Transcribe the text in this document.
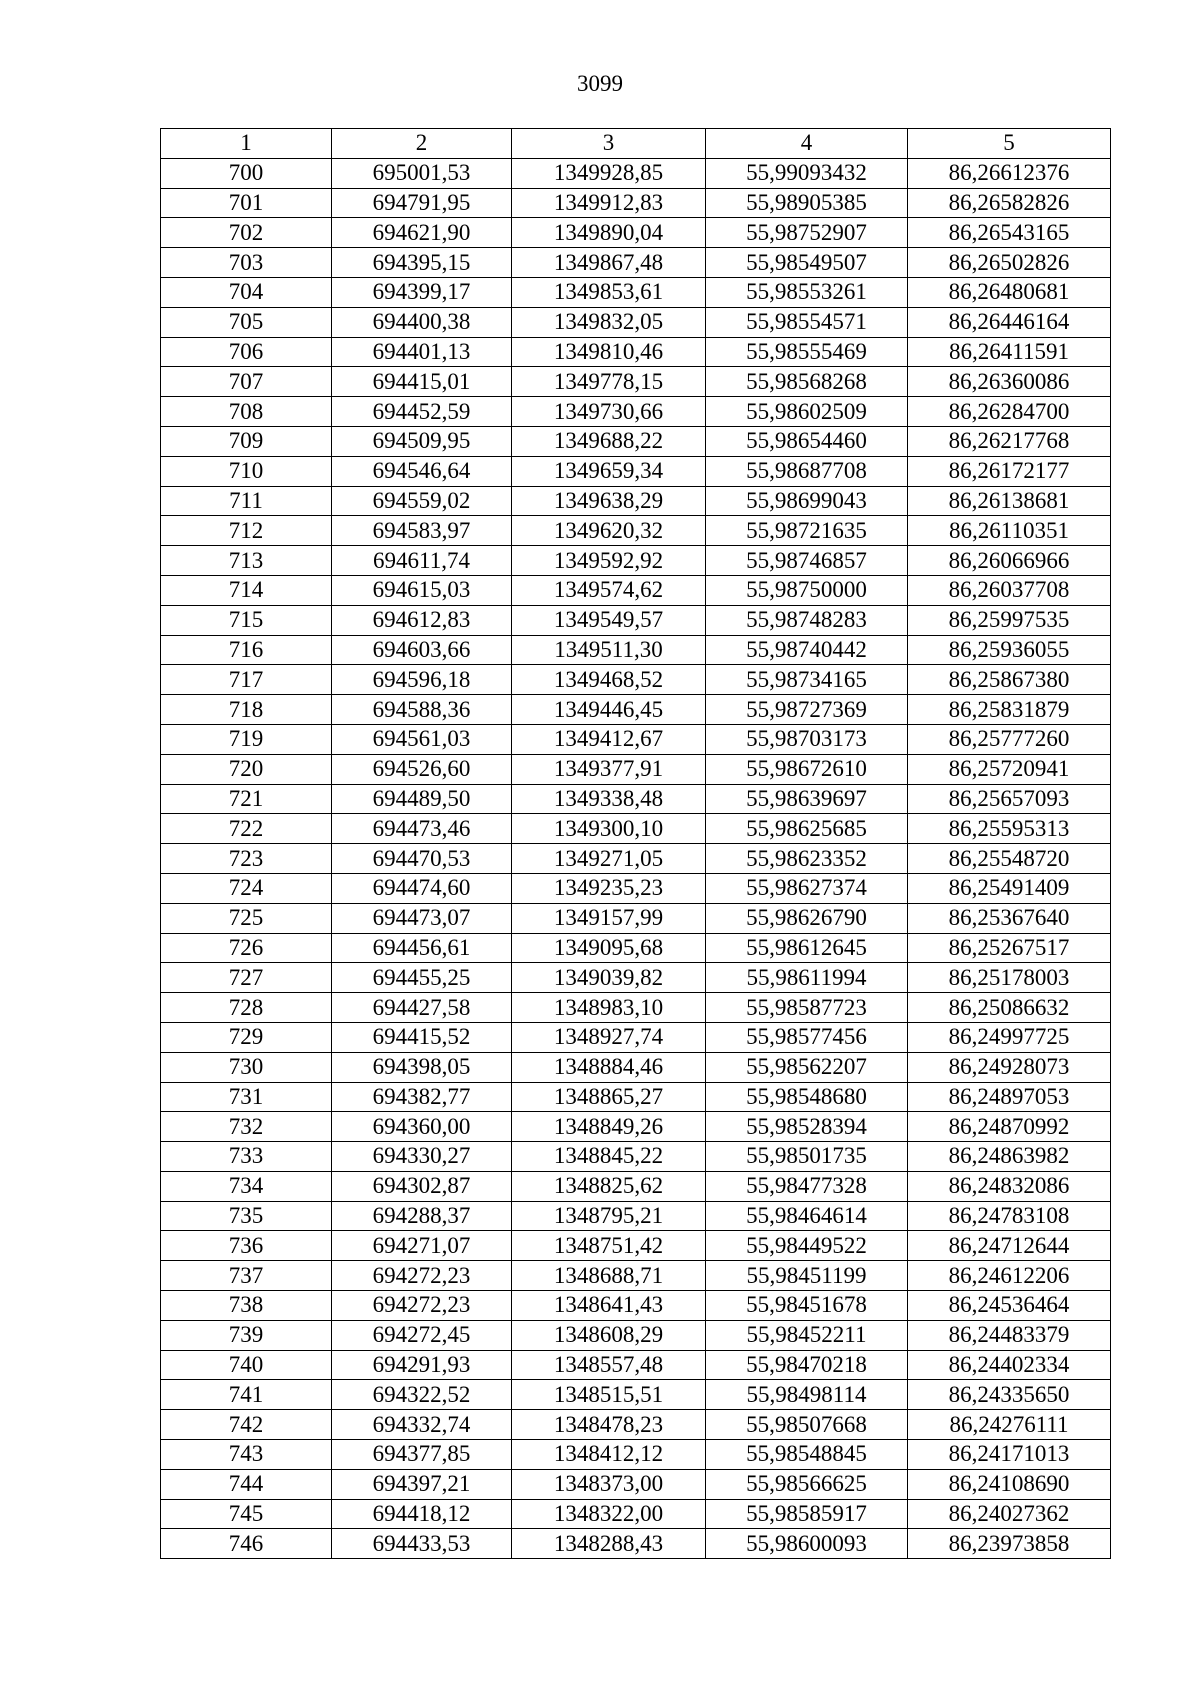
3099
1	2	3	4	5
700	695001,53	1349928,85	55,99093432	86,26612376
701	694791,95	1349912,83	55,98905385	86,26582826
702	694621,90	1349890,04	55,98752907	86,26543165
703	694395,15	1349867,48	55,98549507	86,26502826
704	694399,17	1349853,61	55,98553261	86,26480681
705	694400,38	1349832,05	55,98554571	86,26446164
706	694401,13	1349810,46	55,98555469	86,26411591
707	694415,01	1349778,15	55,98568268	86,26360086
708	694452,59	1349730,66	55,98602509	86,26284700
709	694509,95	1349688,22	55,98654460	86,26217768
710	694546,64	1349659,34	55,98687708	86,26172177
711	694559,02	1349638,29	55,98699043	86,26138681
712	694583,97	1349620,32	55,98721635	86,26110351
713	694611,74	1349592,92	55,98746857	86,26066966
714	694615,03	1349574,62	55,98750000	86,26037708
715	694612,83	1349549,57	55,98748283	86,25997535
716	694603,66	1349511,30	55,98740442	86,25936055
717	694596,18	1349468,52	55,98734165	86,25867380
718	694588,36	1349446,45	55,98727369	86,25831879
719	694561,03	1349412,67	55,98703173	86,25777260
720	694526,60	1349377,91	55,98672610	86,25720941
721	694489,50	1349338,48	55,98639697	86,25657093
722	694473,46	1349300,10	55,98625685	86,25595313
723	694470,53	1349271,05	55,98623352	86,25548720
724	694474,60	1349235,23	55,98627374	86,25491409
725	694473,07	1349157,99	55,98626790	86,25367640
726	694456,61	1349095,68	55,98612645	86,25267517
727	694455,25	1349039,82	55,98611994	86,25178003
728	694427,58	1348983,10	55,98587723	86,25086632
729	694415,52	1348927,74	55,98577456	86,24997725
730	694398,05	1348884,46	55,98562207	86,24928073
731	694382,77	1348865,27	55,98548680	86,24897053
732	694360,00	1348849,26	55,98528394	86,24870992
733	694330,27	1348845,22	55,98501735	86,24863982
734	694302,87	1348825,62	55,98477328	86,24832086
735	694288,37	1348795,21	55,98464614	86,24783108
736	694271,07	1348751,42	55,98449522	86,24712644
737	694272,23	1348688,71	55,98451199	86,24612206
738	694272,23	1348641,43	55,98451678	86,24536464
739	694272,45	1348608,29	55,98452211	86,24483379
740	694291,93	1348557,48	55,98470218	86,24402334
741	694322,52	1348515,51	55,98498114	86,24335650
742	694332,74	1348478,23	55,98507668	86,24276111
743	694377,85	1348412,12	55,98548845	86,24171013
744	694397,21	1348373,00	55,98566625	86,24108690
745	694418,12	1348322,00	55,98585917	86,24027362
746	694433,53	1348288,43	55,98600093	86,23973858
